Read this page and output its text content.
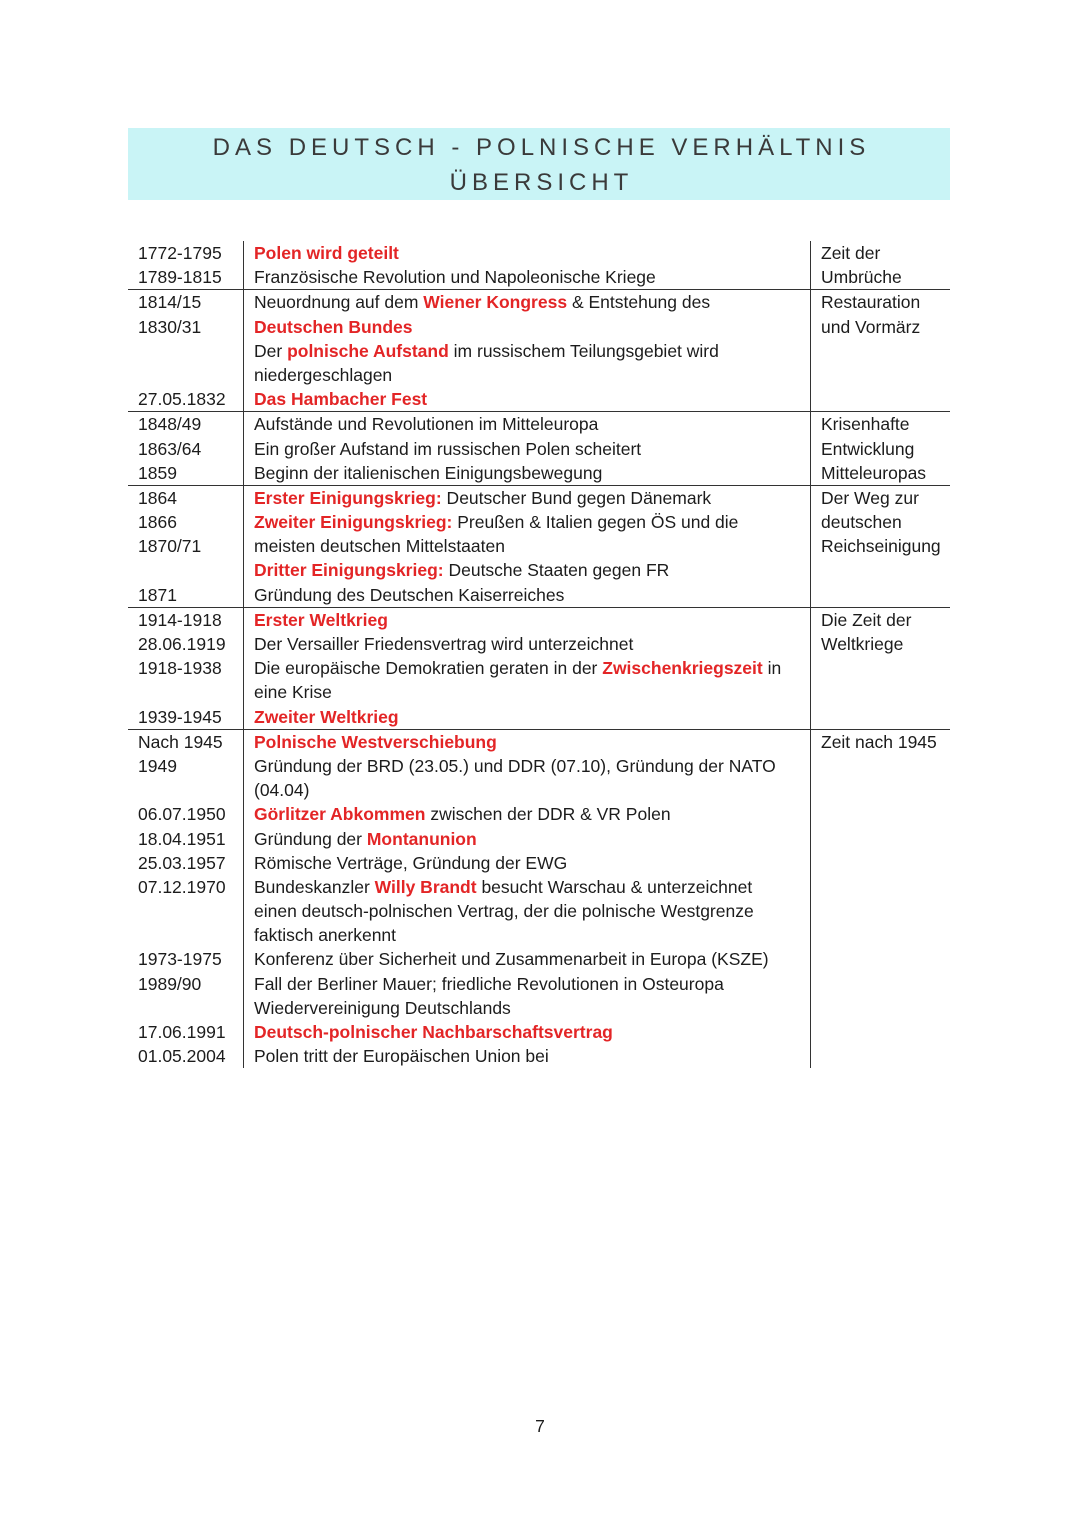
DAS DEUTSCH - POLNISCHE VERHÄLTNIS
ÜBERSICHT
1772-1795
1789-1815
Polen wird geteilt
Französische Revolution und Napoleonische Kriege
Zeit der
Umbrüche
1814/15
1830/31
27.05.1832
Neuordnung auf dem Wiener Kongress & Entstehung des
Deutschen Bundes
Der polnische Aufstand im russischem Teilungsgebiet wird
niedergeschlagen
Das Hambacher Fest
Restauration
und Vormärz
1848/49
1863/64
1859
Aufstände und Revolutionen im Mitteleuropa
Ein großer Aufstand im russischen Polen scheitert
Beginn der italienischen Einigungsbewegung
Krisenhafte
Entwicklung
Mitteleuropas
1864
1866
1870/71
1871
Erster Einigungskrieg: Deutscher Bund gegen Dänemark
Zweiter Einigungskrieg: Preußen & Italien gegen ÖS und die
meisten deutschen Mittelstaaten
Dritter Einigungskrieg: Deutsche Staaten gegen FR
Gründung des Deutschen Kaiserreiches
Der Weg zur
deutschen
Reichseinigung
1914-1918
28.06.1919
1918-1938
1939-1945
Erster Weltkrieg
Der Versailler Friedensvertrag wird unterzeichnet
Die europäische Demokratien geraten in der Zwischenkriegszeit in
eine Krise
Zweiter Weltkrieg
Die Zeit der
Weltkriege
Nach 1945
1949
06.07.1950
18.04.1951
25.03.1957
07.12.1970
1973-1975
1989/90
17.06.1991
01.05.2004
Polnische Westverschiebung
Gründung der BRD (23.05.) und DDR (07.10), Gründung der NATO
(04.04)
Görlitzer Abkommen zwischen der DDR & VR Polen
Gründung der Montanunion
Römische Verträge, Gründung der EWG
Bundeskanzler Willy Brandt besucht Warschau & unterzeichnet
einen deutsch-polnischen Vertrag, der die polnische Westgrenze
faktisch anerkennt
Konferenz über Sicherheit und Zusammenarbeit in Europa (KSZE)
Fall der Berliner Mauer; friedliche Revolutionen in Osteuropa
Wiedervereinigung Deutschlands
Deutsch-polnischer Nachbarschaftsvertrag
Polen tritt der Europäischen Union bei
Zeit nach 1945
7
